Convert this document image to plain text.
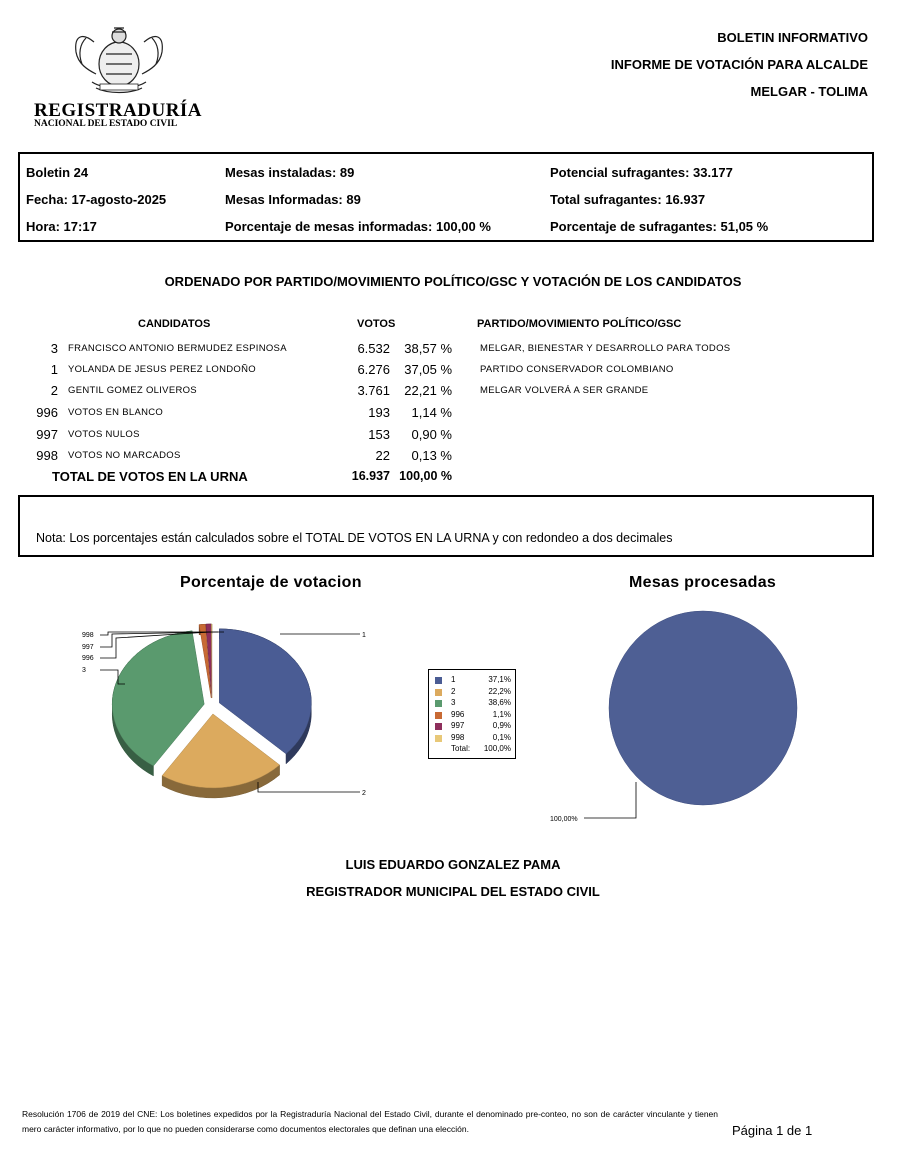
REGISTRADURÍA
NACIONAL DEL ESTADO CIVIL
BOLETIN INFORMATIVO
INFORME DE VOTACIÓN PARA ALCALDE
MELGAR - TOLIMA
Boletin 24
Fecha: 17-agosto-2025
Hora: 17:17
Mesas instaladas: 89
Mesas Informadas: 89
Porcentaje de mesas informadas: 100,00 %
Potencial sufragantes: 33.177
Total sufragantes: 16.937
Porcentaje de sufragantes: 51,05 %
ORDENADO POR PARTIDO/MOVIMIENTO POLÍTICO/GSC Y VOTACIÓN DE LOS CANDIDATOS
CANDIDATOS	VOTOS	PARTIDO/MOVIMIENTO POLÍTICO/GSC
3 FRANCISCO ANTONIO BERMUDEZ ESPINOSA	6.532	38,57 %	MELGAR, BIENESTAR Y DESARROLLO PARA TODOS
1 YOLANDA DE JESUS PEREZ LONDOÑO	6.276	37,05 %	PARTIDO CONSERVADOR COLOMBIANO
2 GENTIL GOMEZ OLIVEROS	3.761	22,21 %	MELGAR VOLVERÁ A SER GRANDE
996 VOTOS EN BLANCO	193	1,14 %
997 VOTOS NULOS	153	0,90 %
998 VOTOS NO MARCADOS	22	0,13 %
TOTAL DE VOTOS EN LA URNA	16.937 100,00 %
Nota: Los porcentajes están calculados sobre el TOTAL DE VOTOS EN LA URNA y con redondeo a dos decimales
Porcentaje de votacion	Mesas procesadas
1
2
3
996
997
998
1	37,1%
2	22,2%
3	38,6%
996	1,1%
997	0,9%
998	0,1%
Total: 100,0%
100,00%
LUIS EDUARDO GONZALEZ PAMA
REGISTRADOR MUNICIPAL DEL ESTADO CIVIL
Resolución 1706 de 2019 del CNE: Los boletines expedidos por la Registraduría Nacional del Estado Civil, durante el denominado pre-conteo, no son de carácter vinculante y tienen mero carácter informativo, por lo que no pueden considerarse como documentos electorales que definan una elección.	Página 1 de 1
